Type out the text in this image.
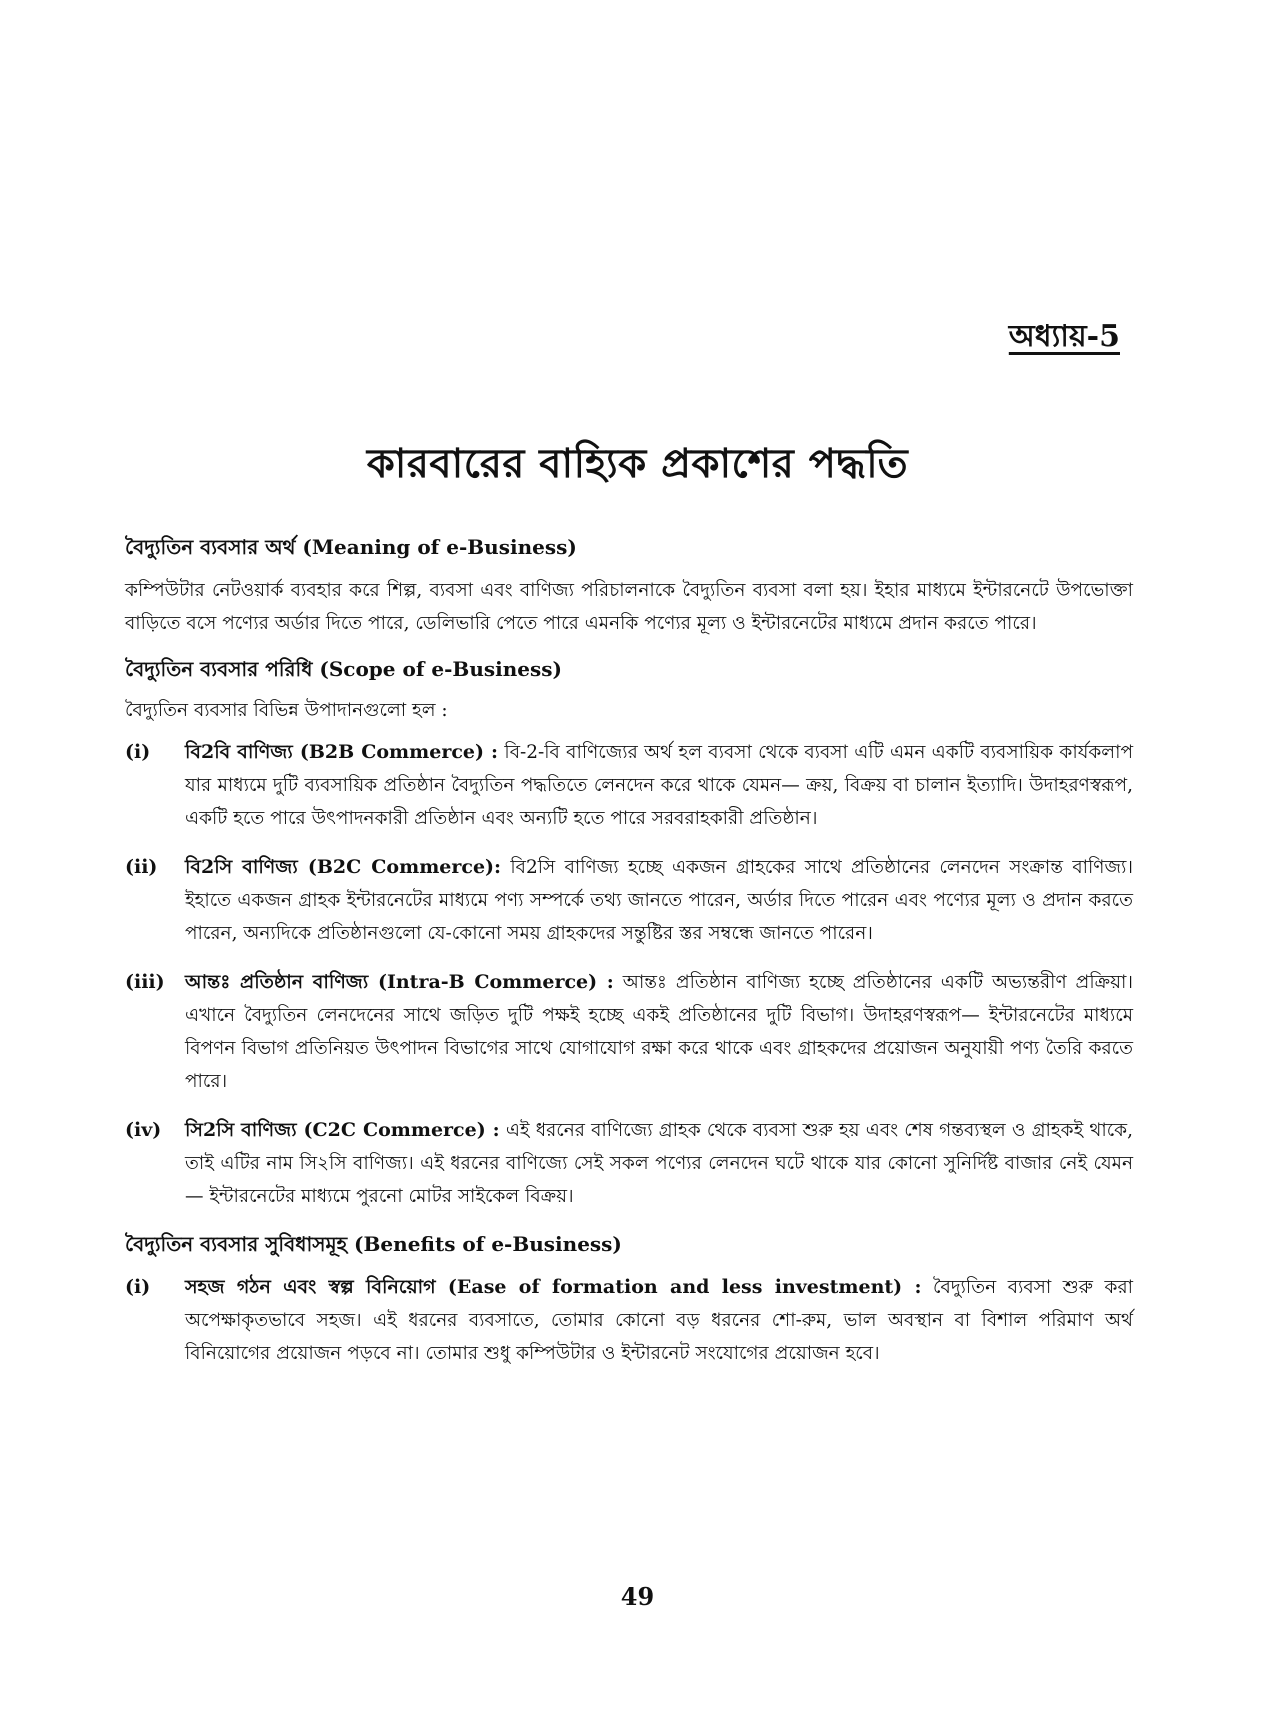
অধ্যায়-5
কারবারের বাহ্যিক প্রকাশের পদ্ধতি
বৈদ্যুতিন ব্যবসার অর্থ (Meaning of e-Business)

কম্পিউটার নেটওয়ার্ক ব্যবহার করে শিল্প, ব্যবসা এবং বাণিজ্য পরিচালনাকে বৈদ্যুতিন ব্যবসা বলা হয়। ইহার মাধ্যমে ইন্টারনেটে উপভোক্তা বাড়িতে বসে পণ্যের অর্ডার দিতে পারে, ডেলিভারি পেতে পারে এমনকি পণ্যের মূল্য ও ইন্টারনেটের মাধ্যমে প্রদান করতে পারে।

বৈদ্যুতিন ব্যবসার পরিধি (Scope of e-Business)

বৈদ্যুতিন ব্যবসার বিভিন্ন উপাদানগুলো হল :

(i)	বি2বি বাণিজ্য (B2B Commerce) : বি-2-বি বাণিজ্যের অর্থ হল ব্যবসা থেকে ব্যবসা এটি এমন একটি ব্যবসায়িক কার্যকলাপ যার মাধ্যমে দুটি ব্যবসায়িক প্রতিষ্ঠান বৈদ্যুতিন পদ্ধতিতে লেনদেন করে থাকে যেমন— ক্রয়, বিক্রয় বা চালান ইত্যাদি। উদাহরণস্বরূপ, একটি হতে পারে উৎপাদনকারী প্রতিষ্ঠান এবং অন্যটি হতে পারে সরবরাহকারী প্রতিষ্ঠান।
(ii)	বি2সি বাণিজ্য (B2C Commerce): বি2সি বাণিজ্য হচ্ছে একজন গ্রাহকের সাথে প্রতিষ্ঠানের লেনদেন সংক্রান্ত বাণিজ্য। ইহাতে একজন গ্রাহক ইন্টারনেটের মাধ্যমে পণ্য সম্পর্কে তথ্য জানতে পারেন, অর্ডার দিতে পারেন এবং পণ্যের মূল্য ও প্রদান করতে পারেন, অন্যদিকে প্রতিষ্ঠানগুলো যে-কোনো সময় গ্রাহকদের সন্তুষ্টির স্তর সম্বন্ধে জানতে পারেন।
(iii)	আন্তঃ প্রতিষ্ঠান বাণিজ্য (Intra-B Commerce) : আন্তঃ প্রতিষ্ঠান বাণিজ্য হচ্ছে প্রতিষ্ঠানের একটি অভ্যন্তরীণ প্রক্রিয়া। এখানে বৈদ্যুতিন লেনদেনের সাথে জড়িত দুটি পক্ষই হচ্ছে একই প্রতিষ্ঠানের দুটি বিভাগ। উদাহরণস্বরূপ— ইন্টারনেটের মাধ্যমে বিপণন বিভাগ প্রতিনিয়ত উৎপাদন বিভাগের সাথে যোগাযোগ রক্ষা করে থাকে এবং গ্রাহকদের প্রয়োজন অনুযায়ী পণ্য তৈরি করতে পারে।
(iv)	সি2সি বাণিজ্য (C2C Commerce) : এই ধরনের বাণিজ্যে গ্রাহক থেকে ব্যবসা শুরু হয় এবং শেষ গন্তব্যস্থল ও গ্রাহকই থাকে, তাই এটির নাম সি২সি বাণিজ্য। এই ধরনের বাণিজ্যে সেই সকল পণ্যের লেনদেন ঘটে থাকে যার কোনো সুনির্দিষ্ট বাজার নেই যেমন— ইন্টারনেটের মাধ্যমে পুরনো মোটর সাইকেল বিক্রয়।
বৈদ্যুতিন ব্যবসার সুবিধাসমূহ (Benefits of e-Business)
(i)	সহজ গঠন এবং স্বল্প বিনিয়োগ (Ease of formation and less investment) : বৈদ্যুতিন ব্যবসা শুরু করা অপেক্ষাকৃতভাবে সহজ। এই ধরনের ব্যবসাতে, তোমার কোনো বড় ধরনের শো-রুম, ভাল অবস্থান বা বিশাল পরিমাণ অর্থ বিনিয়োগের প্রয়োজন পড়বে না। তোমার শুধু কম্পিউটার ও ইন্টারনেট সংযোগের প্রয়োজন হবে।
49
